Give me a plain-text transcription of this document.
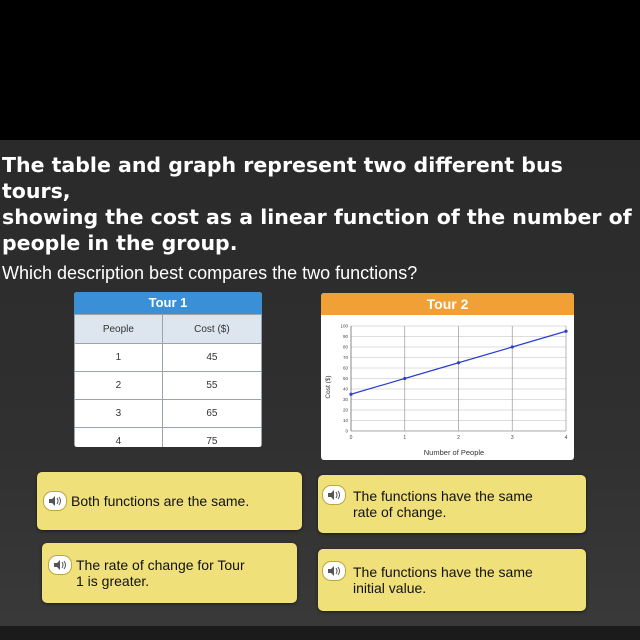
The table and graph represent two different bus tours,
showing the cost as a linear function of the number of
people in the group.
Which description best compares the two functions?
Tour 1
People	Cost ($)
1	45
2	55
3	65
4	75
Tour 2
0
10
20
30
40
50
60
70
80
90
100
0	1	2	3	4
Number of People
Cost ($)
Both functions are the same.	The functions have the same
rate of change.
The rate of change for Tour
1 is greater.
The functions have the same
initial value.
